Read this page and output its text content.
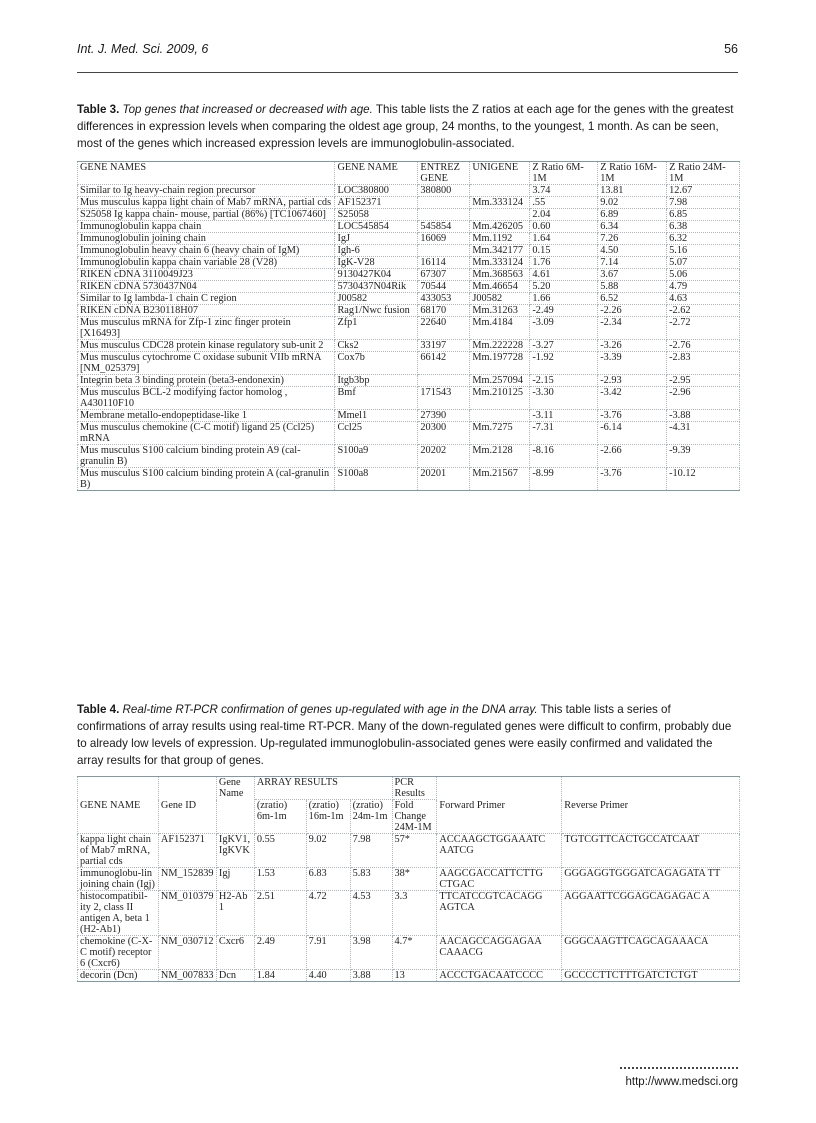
Int. J. Med. Sci. 2009, 6	56
Table 3. Top genes that increased or decreased with age. This table lists the Z ratios at each age for the genes with the greatest differences in expression levels when comparing the oldest age group, 24 months, to the youngest, 1 month. As can be seen, most of the genes which increased expression levels are immunoglobulin-associated.
GENE NAMES	GENE NAME	ENTREZ GENE	UNIGENE	Z Ratio 6M-1M	Z Ratio 16M-1M	Z Ratio 24M-1M
Similar to Ig heavy-chain region precursor	LOC380800	380800		3.74	13.81	12.67
Mus musculus kappa light chain of Mab7 mRNA, partial cds	AF152371		Mm.333124	.55	9.02	7.98
S25058 Ig kappa chain- mouse, partial (86%) [TC1067460]	S25058			2.04	6.89	6.85
Immunoglobulin kappa chain	LOC545854	545854	Mm.426205	0.60	6.34	6.38
Immunoglobulin joining chain	IgJ	16069	Mm.1192	1.64	7.26	6.32
Immunoglobulin heavy chain 6 (heavy chain of IgM)	Igh-6		Mm.342177	0.15	4.50	5.16
Immunoglobulin kappa chain variable 28 (V28)	IgK-V28	16114	Mm.333124	1.76	7.14	5.07
RIKEN cDNA 3110049J23	9130427K04	67307	Mm.368563	4.61	3.67	5.06
RIKEN cDNA 5730437N04	5730437N04Rik	70544	Mm.46654	5.20	5.88	4.79
Similar to Ig lambda-1 chain C region	J00582	433053	J00582	1.66	6.52	4.63
RIKEN cDNA B230118H07	Rag1/Nwc fusion	68170	Mm.31263	-2.49	-2.26	-2.62
Mus musculus mRNA for Zfp-1 zinc finger protein [X16493]	Zfp1	22640	Mm.4184	-3.09	-2.34	-2.72
Mus musculus CDC28 protein kinase regulatory sub-unit 2	Cks2	33197	Mm.222228	-3.27	-3.26	-2.76
Mus musculus cytochrome C oxidase subunit VIIb mRNA [NM_025379]	Cox7b	66142	Mm.197728	-1.92	-3.39	-2.83
Integrin beta 3 binding protein (beta3-endonexin)	Itgb3bp		Mm.257094	-2.15	-2.93	-2.95
Mus musculus BCL-2 modifying factor homolog , A430110F10	Bmf	171543	Mm.210125	-3.30	-3.42	-2.96
Membrane metallo-endopeptidase-like 1	Mmel1	27390		-3.11	-3.76	-3.88
Mus musculus chemokine (C-C motif) ligand 25 (Ccl25) mRNA	Ccl25	20300	Mm.7275	-7.31	-6.14	-4.31
Mus musculus S100 calcium binding protein A9 (cal-granulin B)	S100a9	20202	Mm.2128	-8.16	-2.66	-9.39
Mus musculus S100 calcium binding protein A (cal-granulin B)	S100a8	20201	Mm.21567	-8.99	-3.76	-10.12
Table 4. Real-time RT-PCR confirmation of genes up-regulated with age in the DNA array. This table lists a series of confirmations of array results using real-time RT-PCR. Many of the down-regulated genes were difficult to confirm, probably due to already low levels of expression. Up-regulated immunoglobulin-associated genes were easily confirmed and validated the array results for that group of genes.
GENE NAME	Gene ID	Gene Name	ARRAY RESULTS			PCR Results	Forward Primer	Reverse Primer
			(zratio) 6m-1m	(zratio) 16m-1m	(zratio) 24m-1m	Fold Change 24M-1M		
kappa light chain of Mab7 mRNA, partial cds	AF152371	IgKV1, IgKVK	0.55	9.02	7.98	57*	ACCAAGCTGGAAATC AATCG	TGTCGTTCACTGCCATCAAT
immunoglobu-lin joining chain (Igj)	NM_152839	Igj	1.53	6.83	5.83	38*	AAGCGACCATTCTTG CTGAC	GGGAGGTGGGATCAGAGATA TT
histocompatibil-ity 2, class II antigen A, beta 1 (H2-Ab1)	NM_010379	H2-Ab 1	2.51	4.72	4.53	3.3	TTCATCCGTCACAGG AGTCA	AGGAATTCGGAGCAGAGAC A
chemokine (C-X-C motif) receptor 6 (Cxcr6)	NM_030712	Cxcr6	2.49	7.91	3.98	4.7*	AACAGCCAGGAGAA CAAACG	GGGCAAGTTCAGCAGAAACA
decorin (Dcn)	NM_007833	Dcn	1.84	4.40	3.88	13	ACCCTGACAATCCCC	GCCCCTTCTTTGATCTCTGT
http://www.medsci.org
